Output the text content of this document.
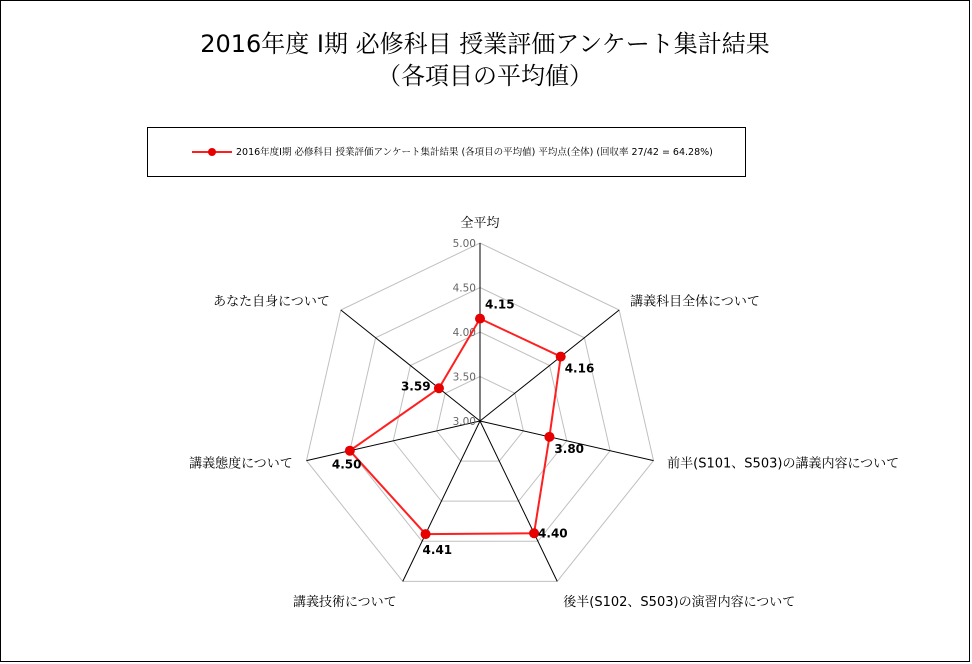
2016年度 I期 必修科目 授業評価アンケート集計結果
（各項目の平均値）
2016年度I期 必修科目 授業評価アンケート集計結果 (各項目の平均値) 平均点(全体) (回収率 27/42 = 64.28%)
3.00
3.50
4.00
4.50
5.00
全平均
講義科目全体について
前半(S101、S503)の講義内容について
後半(S102、S503)の演習内容について
講義技術について
講義態度について
あなた自身について	4.15
4.16
3.80
4.40
4.41
4.50
3.59
